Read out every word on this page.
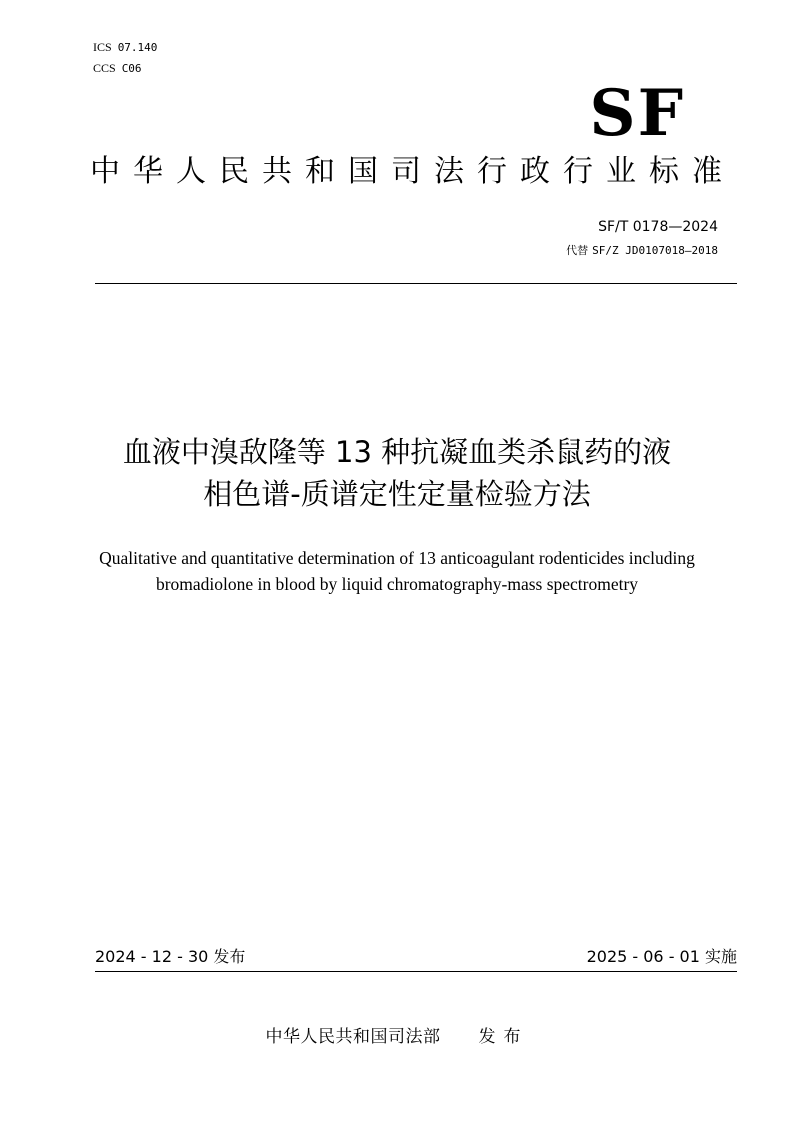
ICS 07.140
CCS C06
SF
中华人民共和国司法行政行业标准
SF/T 0178—2024
代替 SF/Z JD0107018—2018
血液中溴敌隆等 13 种抗凝血类杀鼠药的液
相色谱-质谱定性定量检验方法
Qualitative and quantitative determination of 13 anticoagulant rodenticides including
bromadiolone in blood by liquid chromatography-mass spectrometry
2024 - 12 - 30 发布	2025 - 06 - 01 实施
中华人民共和国司法部 发布
